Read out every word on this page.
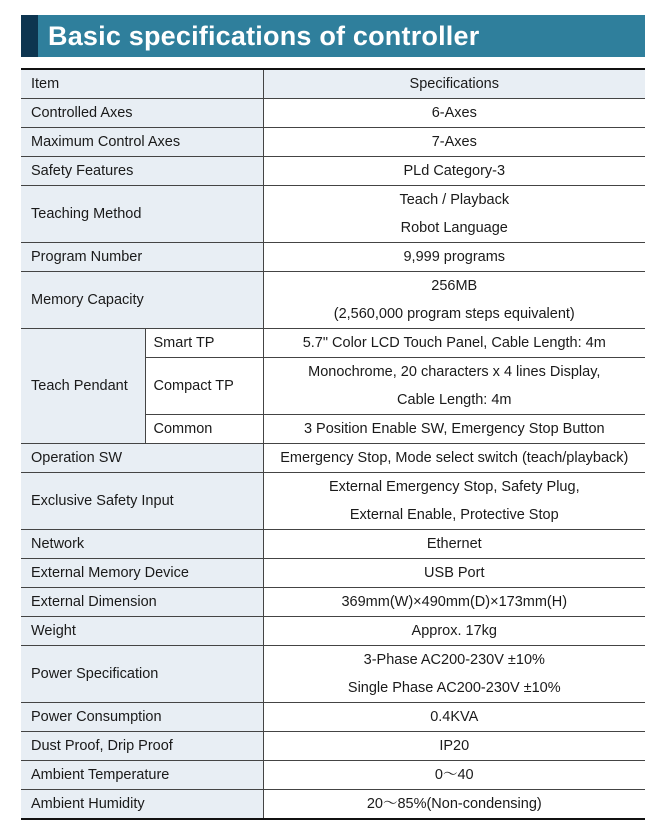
Basic specifications of controller
Item		Specifications

Controlled Axes		6-Axes

Maximum Control Axes		7-Axes

Safety Features		PLd Category-3

Teaching Method		Teach / Playback
Robot Language

Program Number		9,999 programs

Memory Capacity		256MB
(2,560,000 program steps equivalent)

Teach Pendant	Smart TP	5.7" Color LCD Touch Panel, Cable Length: 4m

	Compact TP	Monochrome, 20 characters x 4 lines Display,
Cable Length: 4m

	Common	3 Position Enable SW, Emergency Stop Button

Operation SW		Emergency Stop, Mode select switch (teach/playback)

Exclusive Safety Input		External Emergency Stop, Safety Plug,
External Enable, Protective Stop

Network		Ethernet

External Memory Device		USB Port

External Dimension		369mm(W)×490mm(D)×173mm(H)

Weight		Approx. 17kg

Power Specification		3-Phase AC200-230V ±10%
Single Phase AC200-230V ±10%

Power Consumption		0.4KVA

Dust Proof, Drip Proof		IP20

Ambient Temperature		0～40

Ambient Humidity		20～85%(Non-condensing)
